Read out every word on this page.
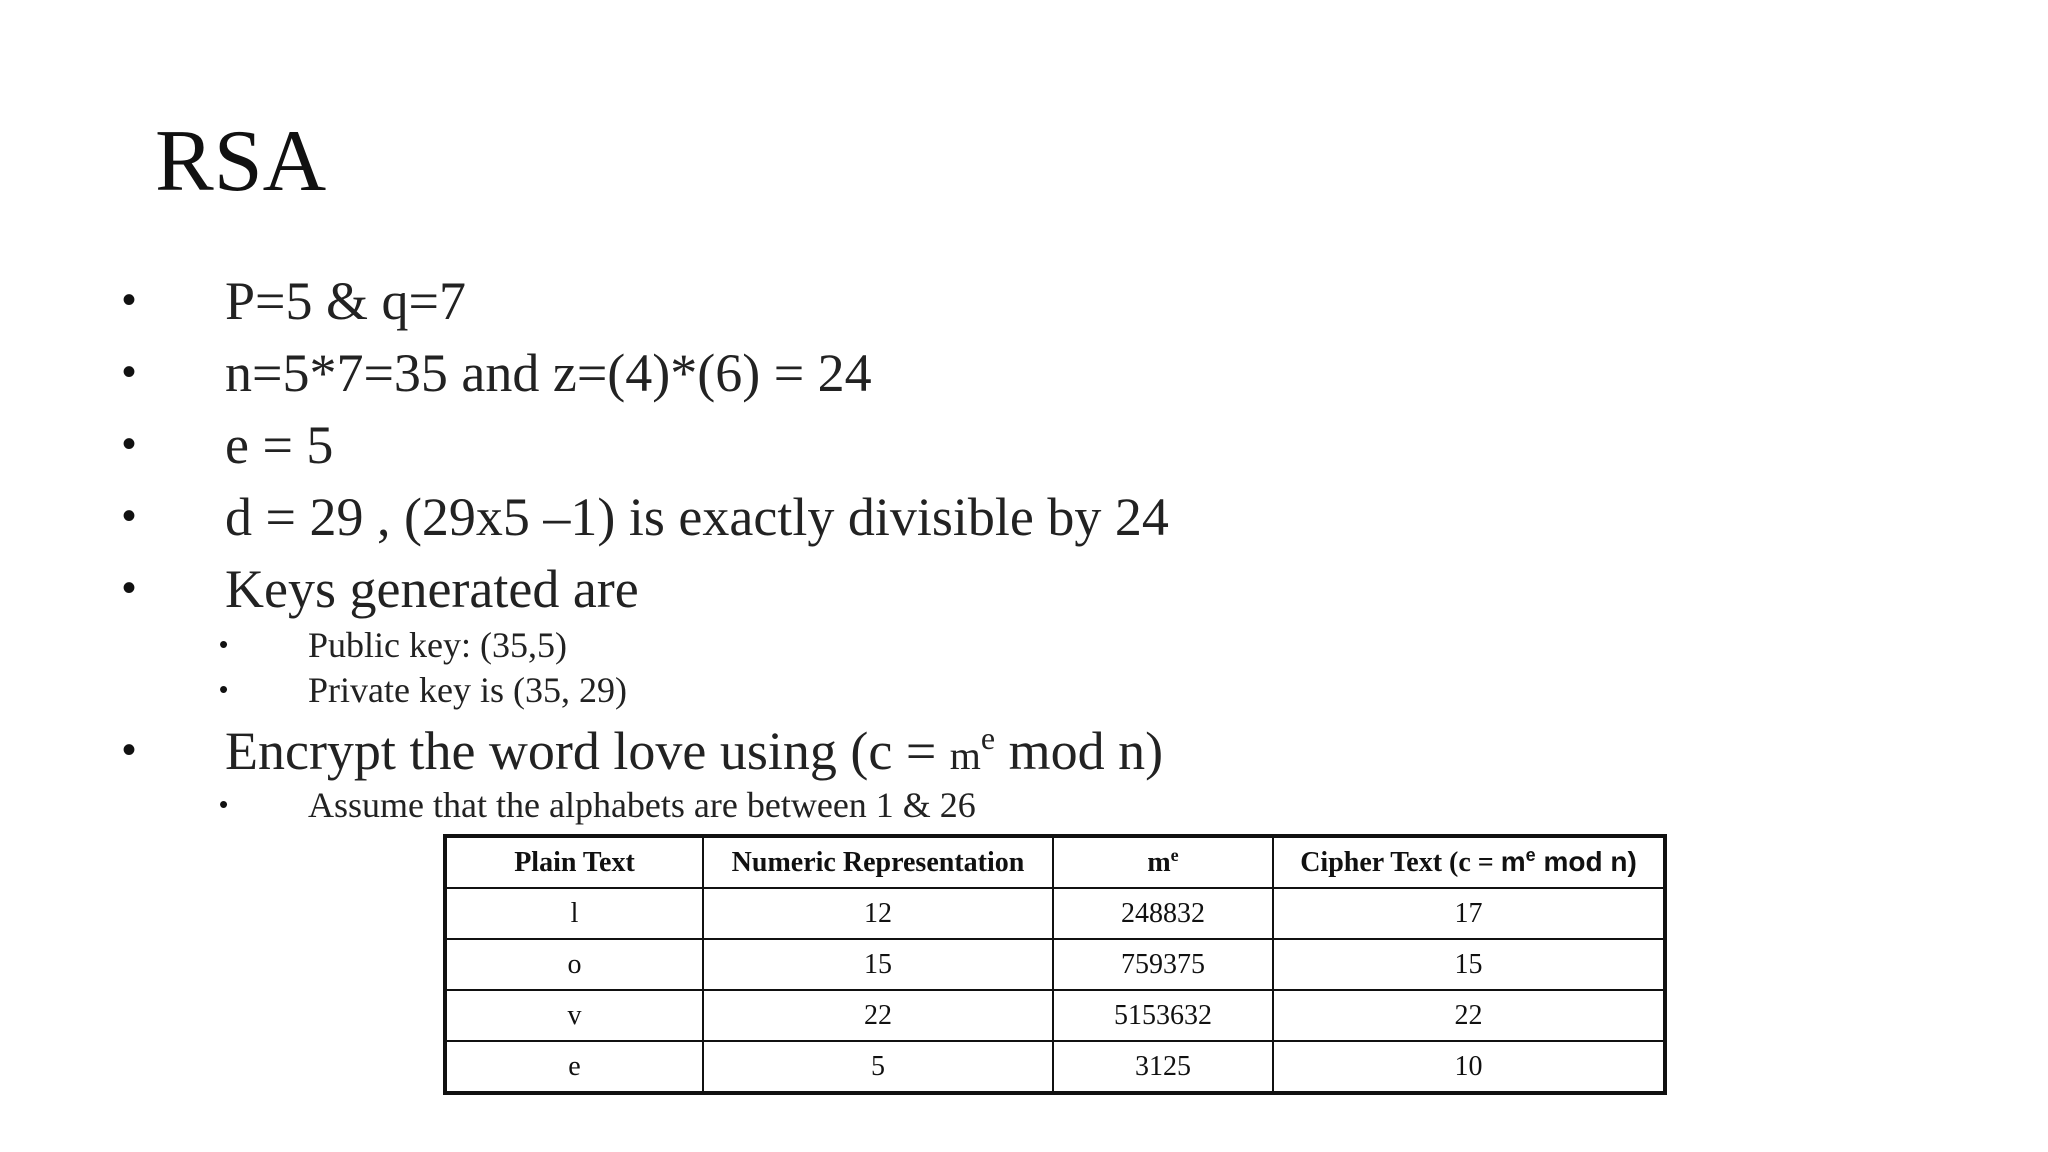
RSA
• P=5 & q=7
• n=5*7=35 and z=(4)*(6) = 24
• e = 5
• d = 29 , (29x5 –1) is exactly divisible by 24
• Keys generated are
• Public key: (35,5)
• Private key is (35, 29)
• Encrypt the word love using ($c = m^e$ mod n)
• Assume that the alphabets are between 1 & 26
Plain Text	Numeric Representation	$m^e$	Cipher Text ($c = m^e$ mod n)
l	12	248832	17
o	15	759375	15
v	22	5153632	22
e	5	3125	10
